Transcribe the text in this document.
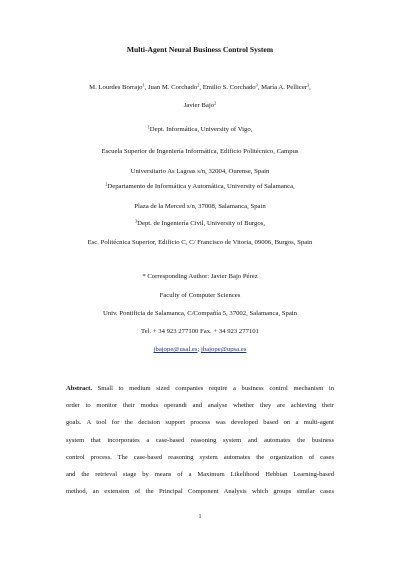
Multi-Agent Neural Business Control System
M. Lourdes Borrajo$^1$, Juan M. Corchado$^2$, Emilio S. Corchado$^3$, María A. Pellicer$^3$,
Javier Bajo$^2$
$^1$Dept. Informática, University of Vigo,
Escuela Superior de Ingeniería Informática, Edificio Politécnico, Campus
Universitario As Lagoas s/n, 32004, Ourense, Spain
$^2$Departamento de Informática y Automática, University of Salamanca,
Plaza de la Merced s/n, 37008, Salamanca, Spain
$^3$Dept. de Ingeniería Civil, University of Burgos,
Esc. Politécnica Superior, Edificio C, C/ Francisco de Vitoria, 09006, Burgos, Spain
* Corresponding Author: Javier Bajo Pérez
Faculty of Computer Sciences
Univ. Pontificia de Salamanca, C/Compañía 5, 37002, Salamanca, Spain
Tel. + 34 923 277100 Fax. + 34 923 277101
jbajope@usal.es; jbajope@upsa.es
Abstract. Small to medium sized companies require a business control mechanism in
order to monitor their modus operandi and analyse whether they are achieving their
goals. A tool for the decision support process was developed based on a multi-agent
system that incorporates a case-based reasoning system and automates the business
control process. The case-based reasoning system automates the organization of cases
and the retrieval stage by means of a Maximum Likelihood Hebbian Learning-based
method, an extension of the Principal Component Analysis which groups similar cases
1
